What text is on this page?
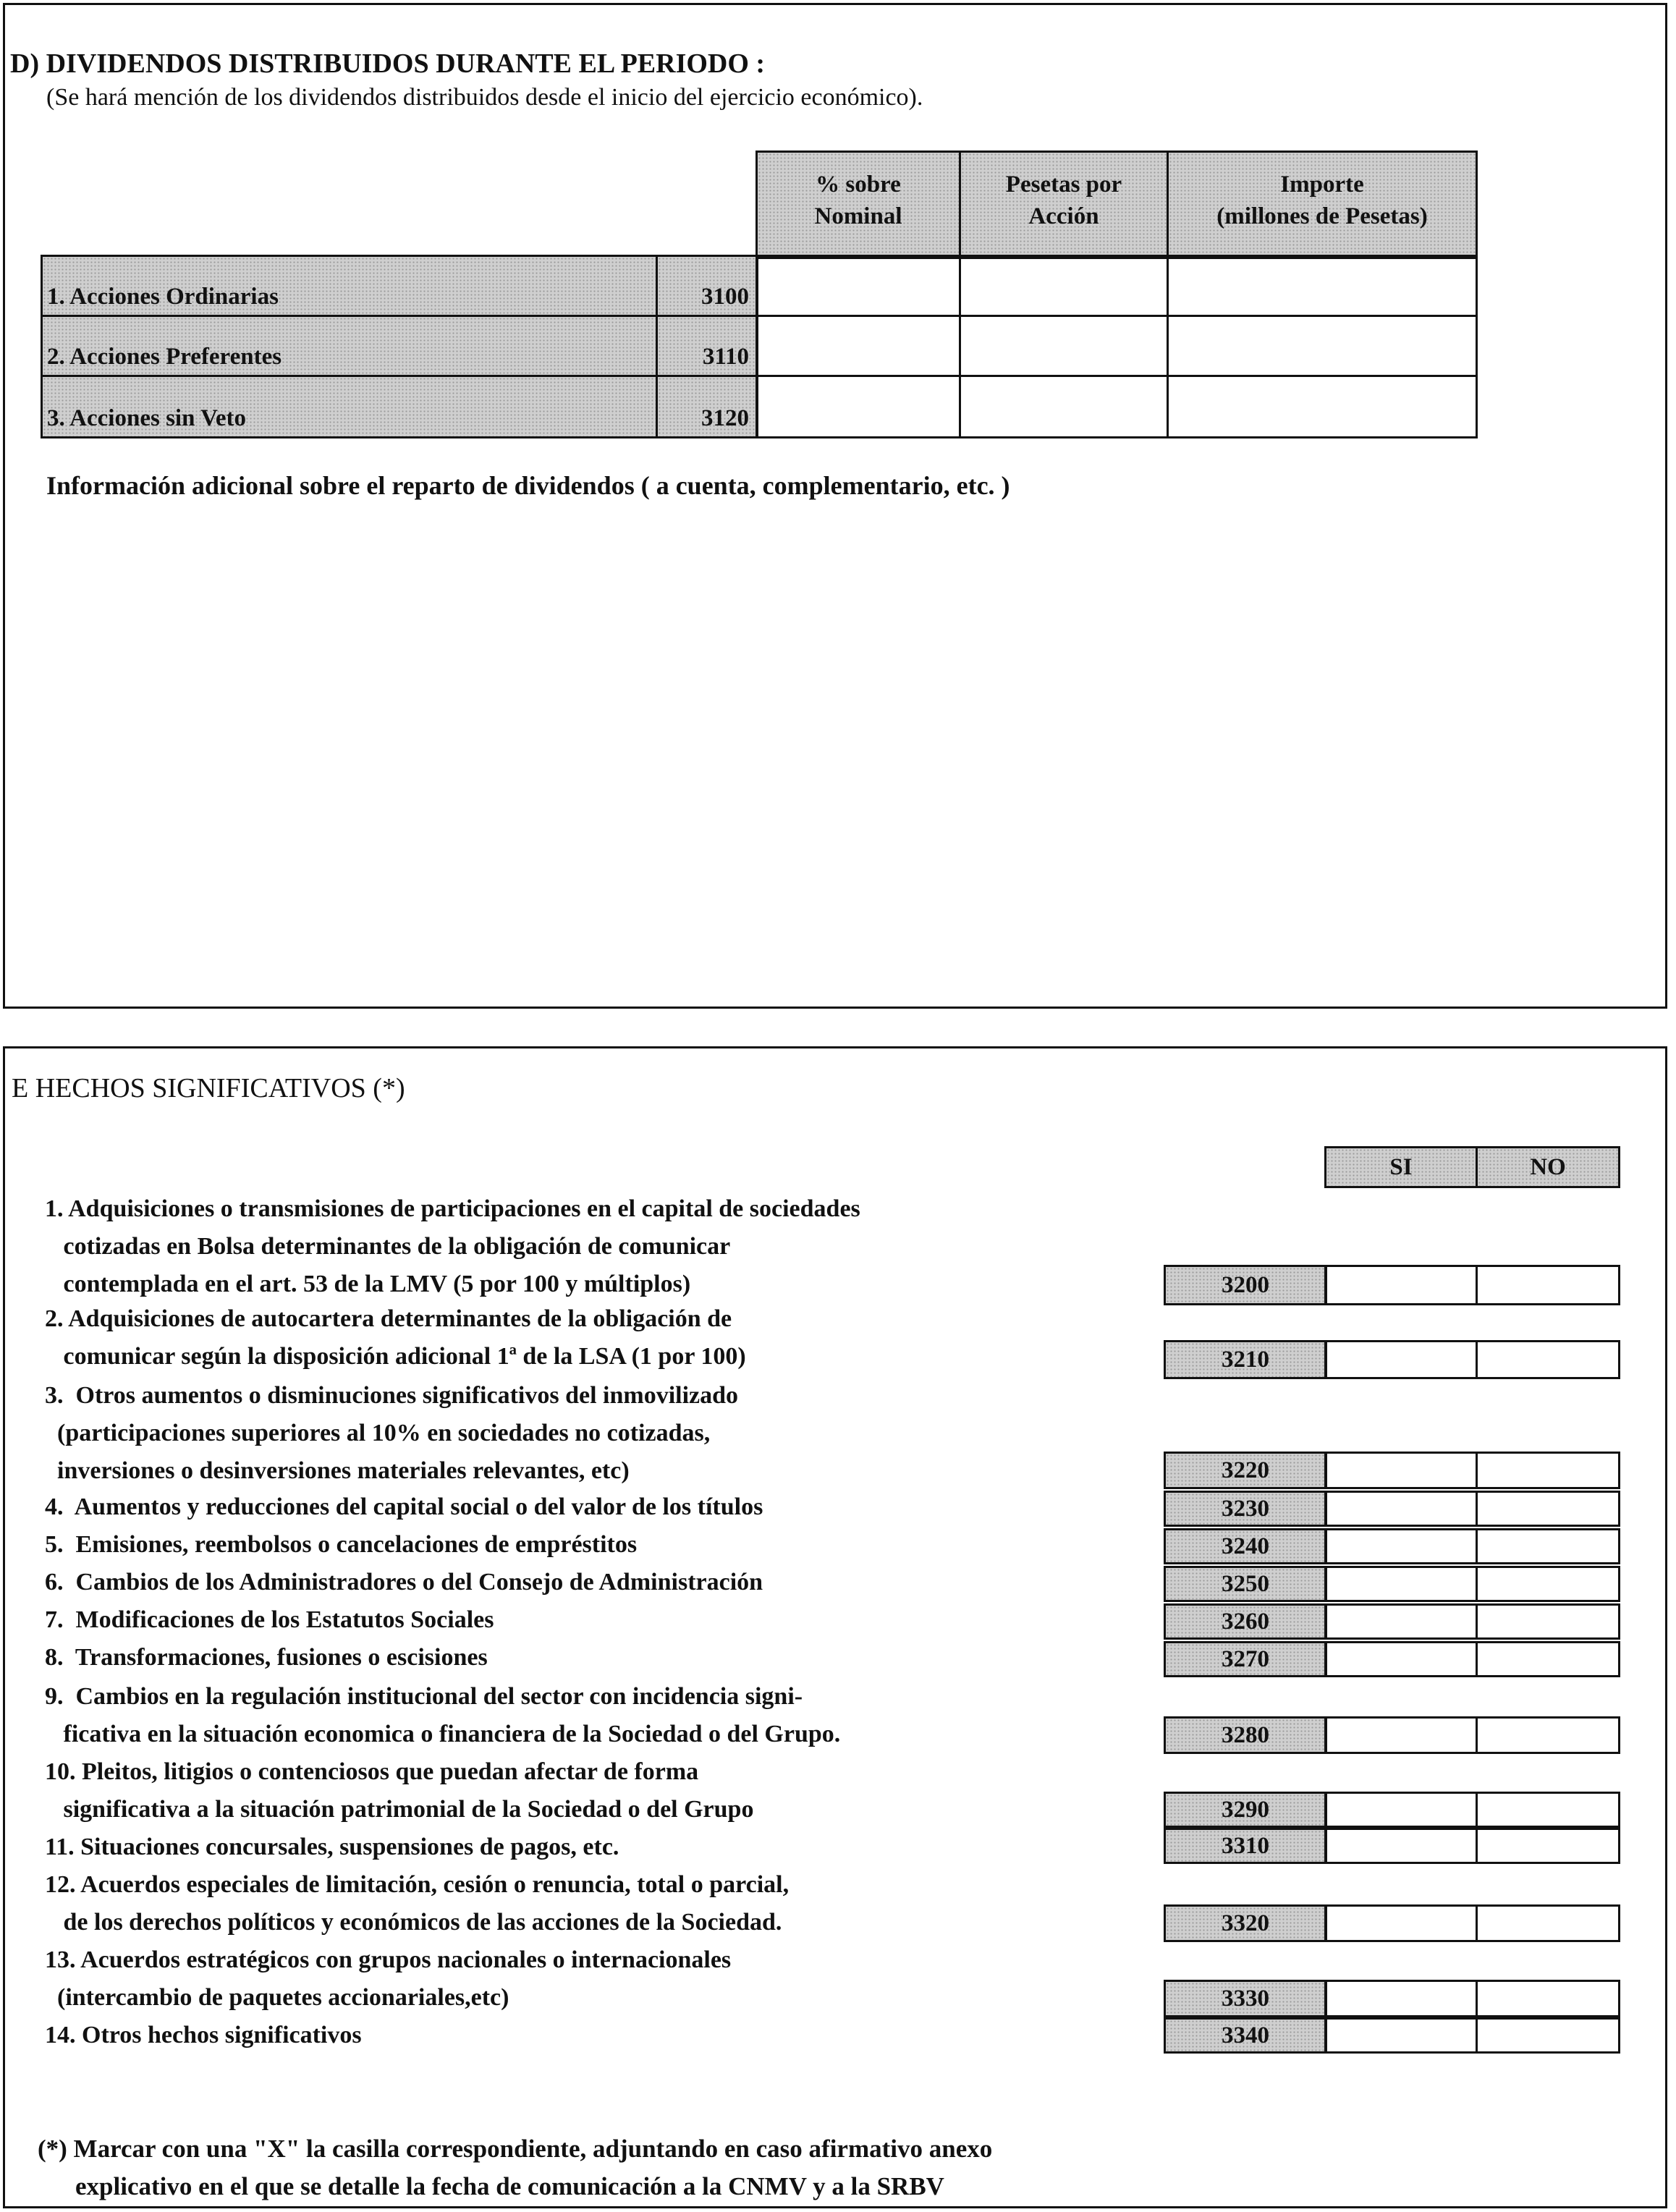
D) DIVIDENDOS DISTRIBUIDOS DURANTE EL PERIODO :
(Se hará mención de los dividendos distribuidos desde el inicio del ejercicio económico).
% sobre
Nominal
Pesetas por
Acción
Importe
(millones de Pesetas)
1. Acciones Ordinarias	3100
2. Acciones Preferentes	3110
3. Acciones sin Veto	3120
Información adicional sobre el reparto de dividendos ( a cuenta, complementario, etc. )
E HECHOS SIGNIFICATIVOS (*)
SI	NO
1. Adquisiciones o transmisiones de participaciones en el capital de sociedades
cotizadas en Bolsa determinantes de la obligación de comunicar
contemplada en el art. 53 de la LMV (5 por 100 y múltiplos)	3200
2. Adquisiciones de autocartera determinantes de la obligación de
comunicar según la disposición adicional 1ª de la LSA (1 por 100)	3210
3.  Otros aumentos o disminuciones significativos del inmovilizado
(participaciones superiores al 10% en sociedades no cotizadas,
inversiones o desinversiones materiales relevantes, etc)	3220
4.  Aumentos y reducciones del capital social o del valor de los títulos	3230
5.  Emisiones, reembolsos o cancelaciones de empréstitos	3240
6.  Cambios de los Administradores o del Consejo de Administración	3250
7.  Modificaciones de los Estatutos Sociales	3260
8.  Transformaciones, fusiones o escisiones	3270
9.  Cambios en la regulación institucional del sector con incidencia signi-
ficativa en la situación economica o financiera de la Sociedad o del Grupo.	3280
10. Pleitos, litigios o contenciosos que puedan afectar de forma
significativa a la situación patrimonial de la Sociedad o del Grupo	3290
11. Situaciones concursales, suspensiones de pagos, etc.	3310
12. Acuerdos especiales de limitación, cesión o renuncia, total o parcial,
de los derechos políticos y económicos de las acciones de la Sociedad.	3320
13. Acuerdos estratégicos con grupos nacionales o internacionales
(intercambio de paquetes accionariales,etc)	3330
14. Otros hechos significativos	3340
(*) Marcar con una "X" la casilla correspondiente, adjuntando en caso afirmativo anexo
explicativo en el que se detalle la fecha de comunicación a la CNMV y a la SRBV
